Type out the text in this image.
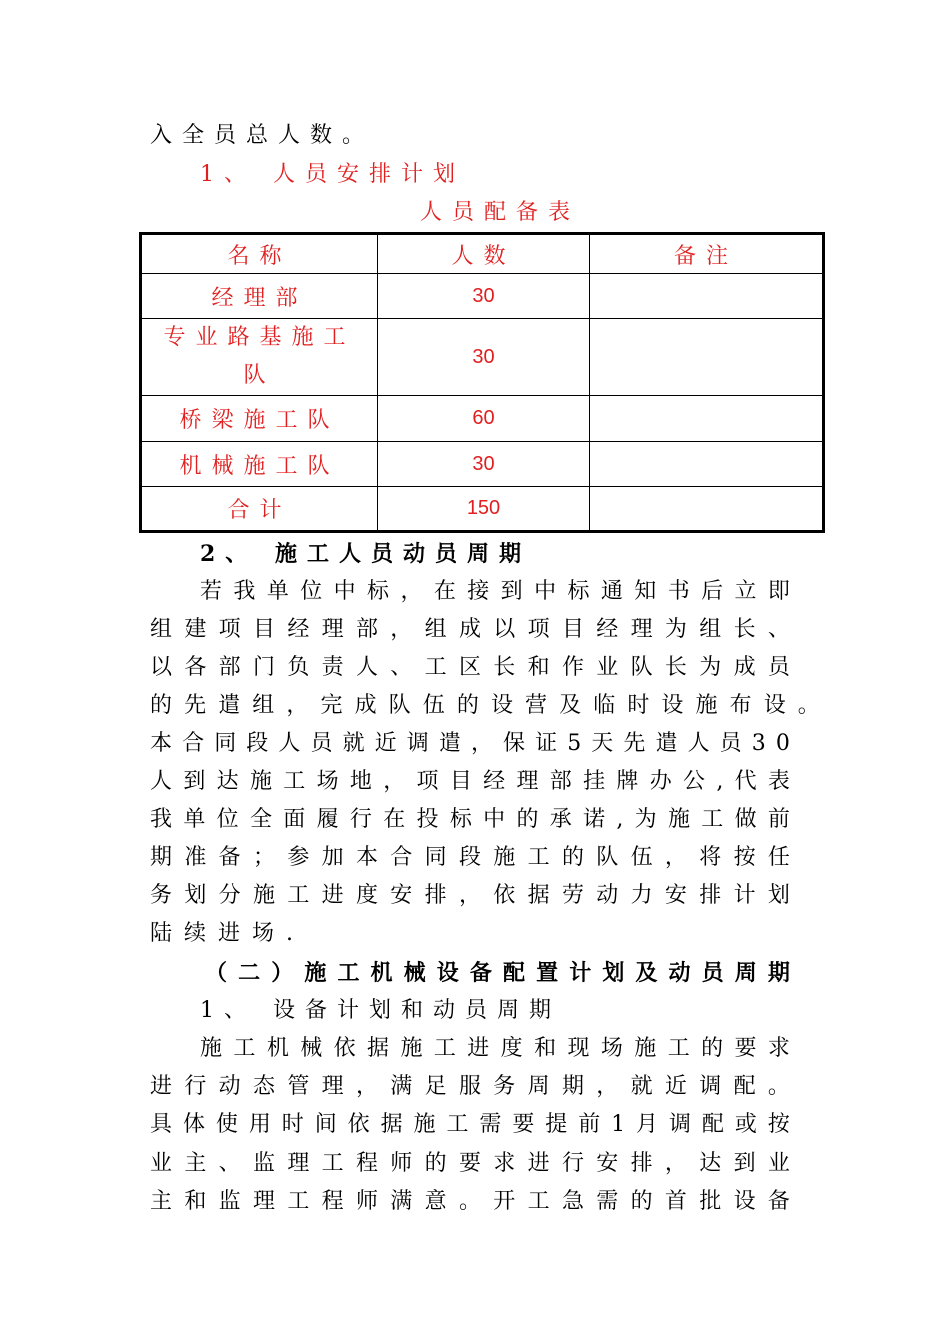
入全员总人数。
1、 人员安排计划
人员配备表
名称	人数	备注
经理部	30	
专业路基施工队	30	
桥梁施工队	60	
机械施工队	30	
合计	150	
2、 施工人员动员周期
若 我 单 位 中 标 ， 在 接 到 中 标 通 知 书 后 立 即
组 建 项 目 经 理 部 ， 组 成 以 项 目 经 理 为 组 长 、
以 各 部 门 负 责 人 、 工 区 长 和 作 业 队 长 为 成 员
的 先 遣 组 ， 完 成 队 伍 的 设 营 及 临 时 设 施 布 设 。
本 合 同 段 人 员 就 近 调 遣 ， 保 证 5 天 先 遣 人 员 3 0
人 到 达 施 工 场 地 ， 项 目 经 理 部 挂 牌 办 公 , 代 表
我 单 位 全 面 履 行 在 投 标 中 的 承 诺 , 为 施 工 做 前
期 准 备 ； 参 加 本 合 同 段 施 工 的 队 伍 ， 将 按 任
务 划 分 施 工 进 度 安 排 ， 依 据 劳 动 力 安 排 计 划
陆续进场.
（ 二 ） 施 工 机 械 设 备 配 置 计 划 及 动 员 周 期
1、 设备计划和动员周期
施 工 机 械 依 据 施 工 进 度 和 现 场 施 工 的 要 求
进 行 动 态 管 理 ， 满 足 服 务 周 期 ， 就 近 调 配 。
具 体 使 用 时 间 依 据 施 工 需 要 提 前 1 月 调 配 或 按
业 主 、 监 理 工 程 师 的 要 求 进 行 安 排 ， 达 到 业
主 和 监 理 工 程 师 满 意 。 开 工 急 需 的 首 批 设 备
